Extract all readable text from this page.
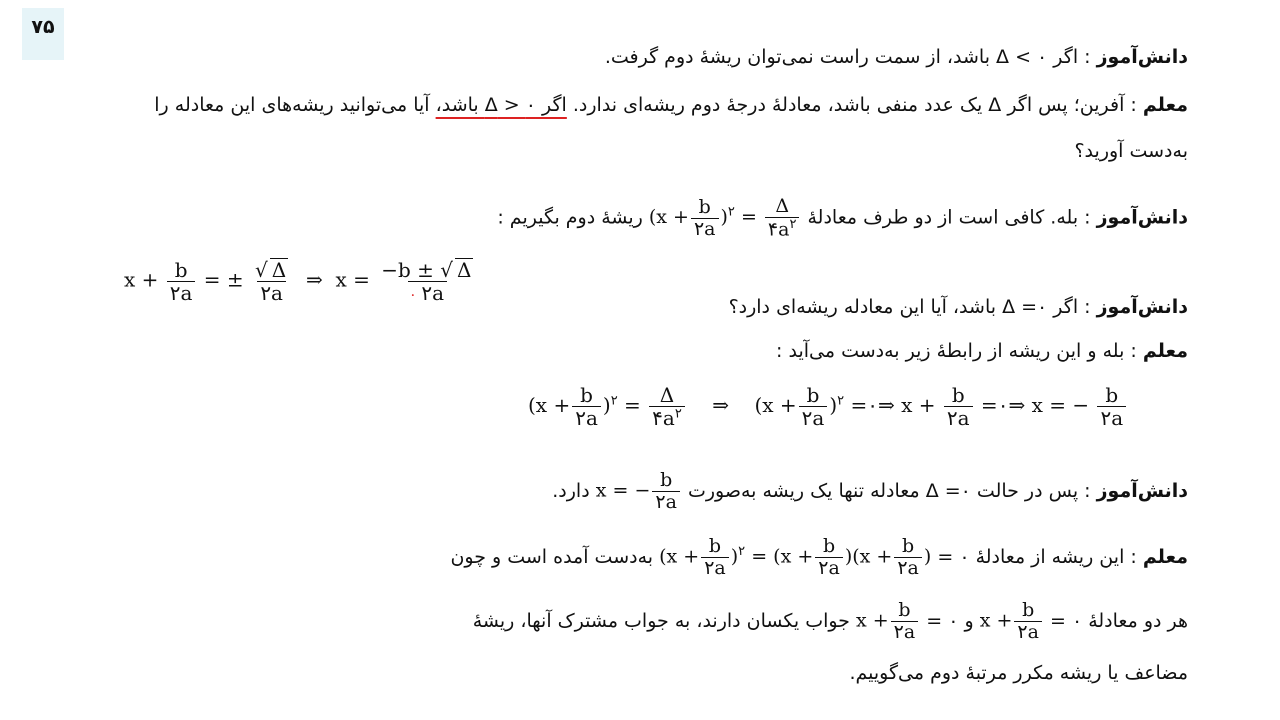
۷۵
دانش‌آموز : اگر ۰ > Δ باشد، از سمت راست نمی‌توان ریشهٔ دوم گرفت.
معلم : آفرین؛ پس اگر Δ یک عدد منفی باشد، معادلهٔ درجهٔ دوم ریشه‌ای ندارد. اگر ۰ < Δ باشد، آیا می‌توانید ریشه‌های این معادله را
به‌دست آورید؟
دانش‌آموز : بله. کافی است از دو طرف معادلهٔ $(x + \frac{b}{۲a} )^۲ = \frac{\Delta}{۴a^۲}$
ریشهٔ دوم بگیریم :
$x + \frac{b}{۲a}$ = ± $\frac{√ \Delta}{۲a}$ ⇒ $x = \frac{-b \pm √ \Delta}{\cdot ۲a}$
دانش‌آموز : اگر ۰= Δ باشد، آیا این معادله ریشه‌ای دارد؟
معلم : بله و این ریشه از رابطهٔ زیر به‌دست می‌آید :
$(x + \frac{b}{۲a} )^۲ = \frac{\Delta}{۴a^۲}$ ⇒ $(x + \frac{b}{۲a} )^۲$ =۰⇒ $x + \frac{b}{۲a}$ =۰⇒ x = − $\frac{b}{۲a}$
دانش‌آموز : پس در حالت ۰= Δ معادله تنها یک ریشه به‌صورت x = − $\frac{b}{۲a}$
دارد.
معلم : این ریشه از معادلهٔ ۰ = $(x + \frac{b}{۲a} )^۲ = (x + \frac{b}{۲a} )(x + \frac{b}{۲a}$ ) به‌دست آمده است و چون
هر دو معادلهٔ ۰ = $x + \frac{b}{۲a}$
و ۰ = $x + \frac{b}{۲a}$
جواب یکسان دارند، به جواب مشترک آنها، ریشهٔ
مضاعف یا ریشه مکرر مرتبهٔ دوم می‌گوییم.
